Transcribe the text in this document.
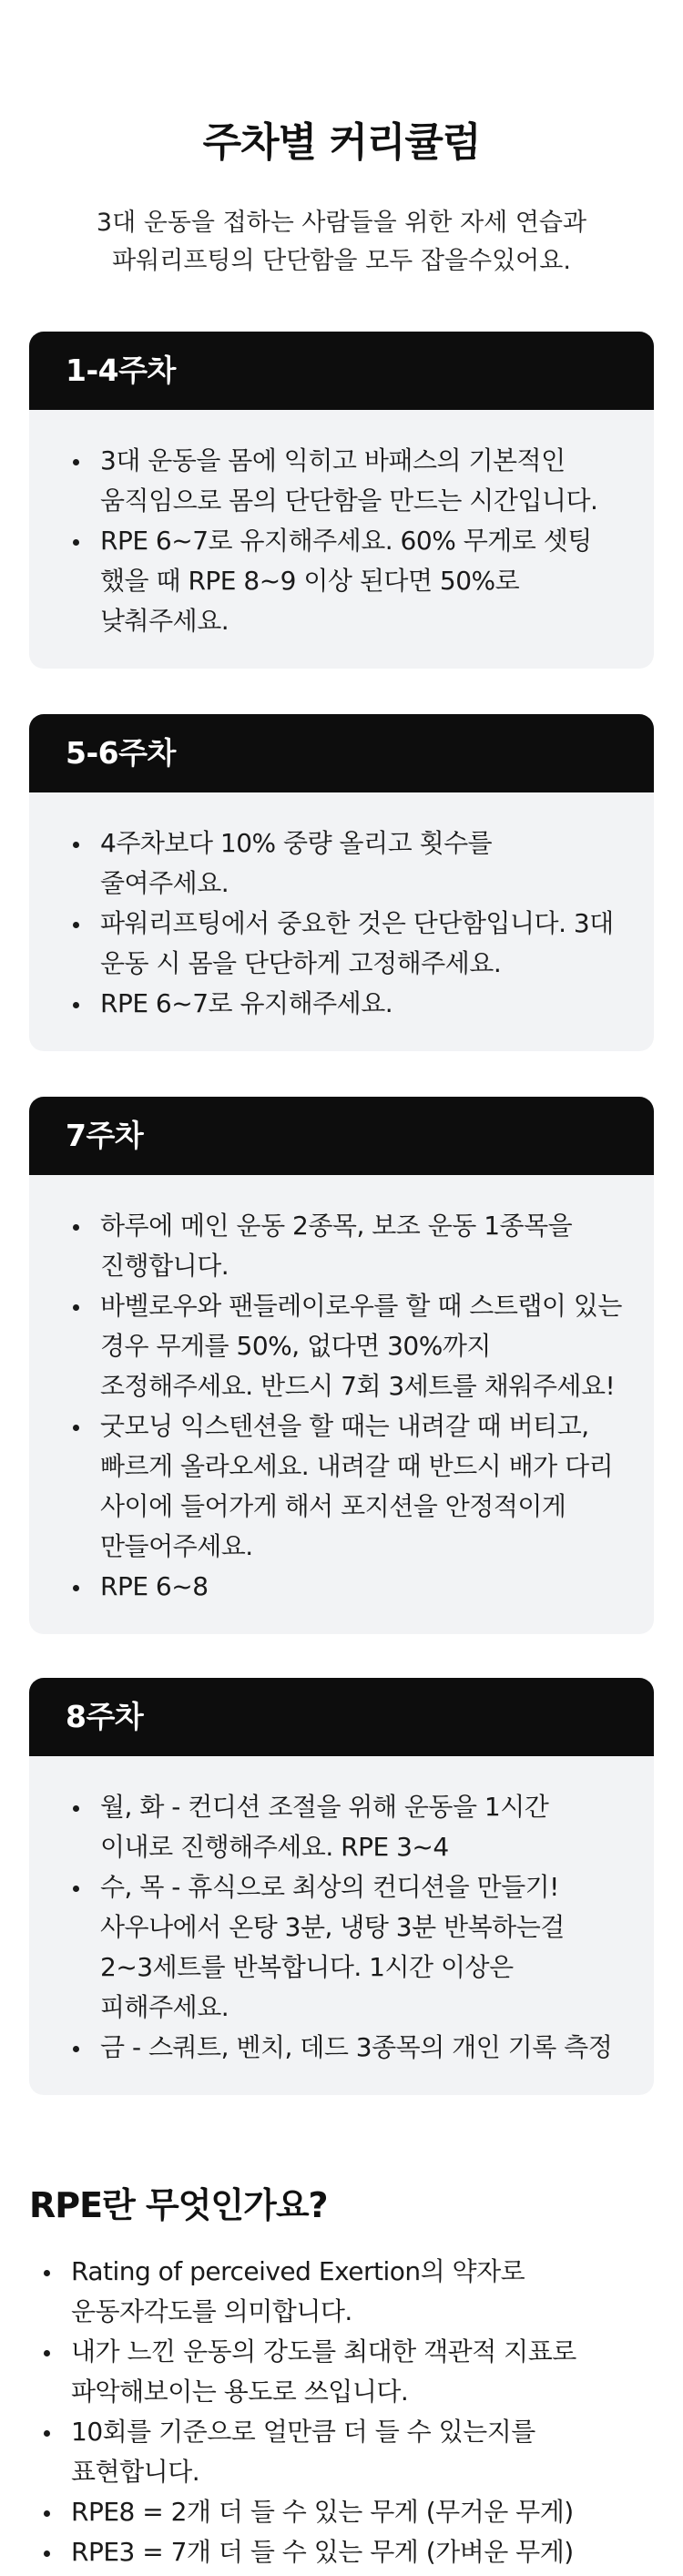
주차별 커리큘럼

3대 운동을 접하는 사람들을 위한 자세 연습과 파워리프팅의 단단함을 모두 잡을수있어요.

1-4주차
3대 운동을 몸에 익히고 바패스의 기본적인 움직임으로 몸의 단단함을 만드는 시간입니다.
RPE 6~7로 유지해주세요. 60% 무게로 셋팅 했을 때 RPE 8~9 이상 된다면 50%로 낮춰주세요.
5-6주차
4주차보다 10% 중량 올리고 횟수를 줄여주세요.
파워리프팅에서 중요한 것은 단단함입니다. 3대 운동 시 몸을 단단하게 고정해주세요.
RPE 6~7로 유지해주세요.
7주차
하루에 메인 운동 2종목, 보조 운동 1종목을 진행합니다.
바벨로우와 팬들레이로우를 할 때 스트랩이 있는 경우 무게를 50%, 없다면 30%까지 조정해주세요. 반드시 7회 3세트를 채워주세요!
굿모닝 익스텐션을 할 때는 내려갈 때 버티고, 빠르게 올라오세요. 내려갈 때 반드시 배가 다리 사이에 들어가게 해서 포지션을 안정적이게 만들어주세요.
RPE 6~8
8주차
월, 화 - 컨디션 조절을 위해 운동을 1시간 이내로 진행해주세요. RPE 3~4
수, 목 - 휴식으로 최상의 컨디션을 만들기! 사우나에서 온탕 3분, 냉탕 3분 반복하는걸 2~3세트를 반복합니다. 1시간 이상은 피해주세요.
금 - 스쿼트, 벤치, 데드 3종목의 개인 기록 측정
RPE란 무엇인가요?
Rating of perceived Exertion의 약자로 운동자각도를 의미합니다.
내가 느낀 운동의 강도를 최대한 객관적 지표로 파악해보이는 용도로 쓰입니다.
10회를 기준으로 얼만큼 더 들 수 있는지를 표현합니다.
RPE8 = 2개 더 들 수 있는 무게 (무거운 무게)
RPE3 = 7개 더 들 수 있는 무게 (가벼운 무게)
